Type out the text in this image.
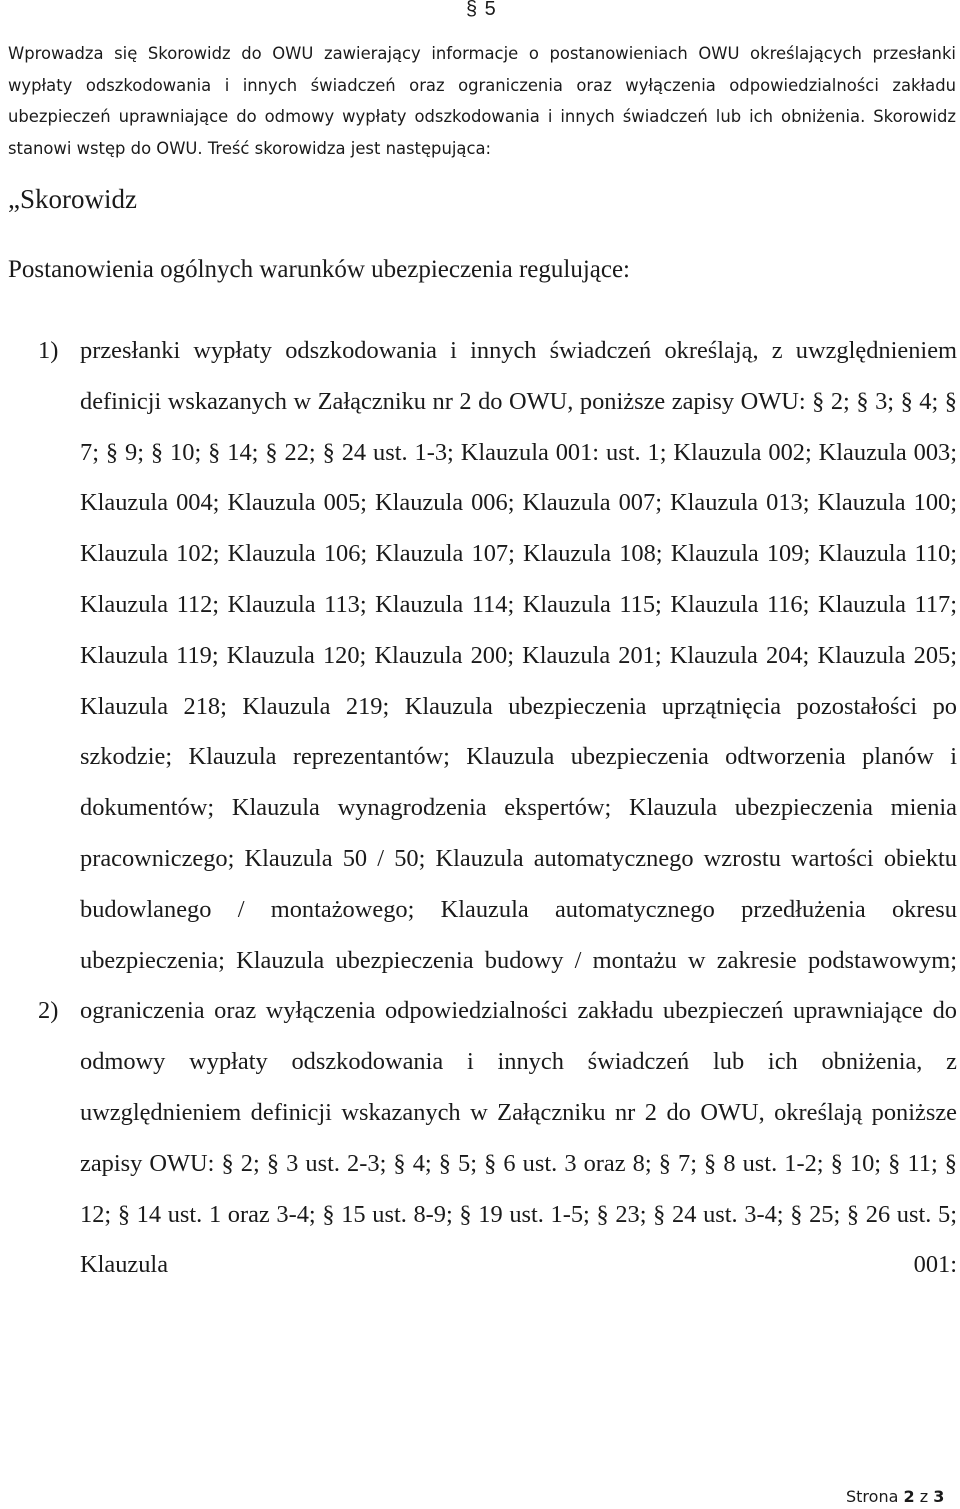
§ 5

Wprowadza się Skorowidz do OWU zawierający informacje o postanowieniach OWU określających przesłanki wypłaty odszkodowania i innych świadczeń oraz ograniczenia oraz wyłączenia odpowiedzialności zakładu ubezpieczeń uprawniające do odmowy wypłaty odszkodowania i innych świadczeń lub ich obniżenia. Skorowidz stanowi wstęp do OWU. Treść skorowidza jest następująca:

„Skorowidz
Postanowienia ogólnych warunków ubezpieczenia regulujące:
1) przesłanki wypłaty odszkodowania i innych świadczeń określają, z uwzględnieniem definicji wskazanych w Załączniku nr 2 do OWU, poniższe zapisy OWU: § 2; § 3; § 4; § 7; § 9; § 10; § 14; § 22; § 24 ust. 1-3; Klauzula 001: ust. 1; Klauzula 002; Klauzula 003; Klauzula 004; Klauzula 005; Klauzula 006; Klauzula 007; Klauzula 013; Klauzula 100; Klauzula 102; Klauzula 106; Klauzula 107; Klauzula 108; Klauzula 109; Klauzula 110; Klauzula 112; Klauzula 113; Klauzula 114; Klauzula 115; Klauzula 116; Klauzula 117; Klauzula 119; Klauzula 120; Klauzula 200; Klauzula 201; Klauzula 204; Klauzula 205; Klauzula 218; Klauzula 219; Klauzula ubezpieczenia uprzątnięcia pozostałości po szkodzie; Klauzula reprezentantów; Klauzula ubezpieczenia odtworzenia planów i dokumentów; Klauzula wynagrodzenia ekspertów; Klauzula ubezpieczenia mienia pracowniczego; Klauzula 50 / 50; Klauzula automatycznego wzrostu wartości obiektu budowlanego / montażowego; Klauzula automatycznego przedłużenia okresu ubezpieczenia; Klauzula ubezpieczenia budowy / montażu w zakresie podstawowym;
2) ograniczenia oraz wyłączenia odpowiedzialności zakładu ubezpieczeń uprawniające do odmowy wypłaty odszkodowania i innych świadczeń lub ich obniżenia, z uwzględnieniem definicji wskazanych w Załączniku nr 2 do OWU, określają poniższe zapisy OWU: § 2; § 3 ust. 2-3; § 4; § 5; § 6 ust. 3 oraz 8; § 7; § 8 ust. 1-2; § 10; § 11; § 12; § 14 ust. 1 oraz 3-4; § 15 ust. 8-9; § 19 ust. 1-5; § 23; § 24 ust. 3-4; § 25; § 26 ust. 5; Klauzula 001:
Strona 2 z 3
